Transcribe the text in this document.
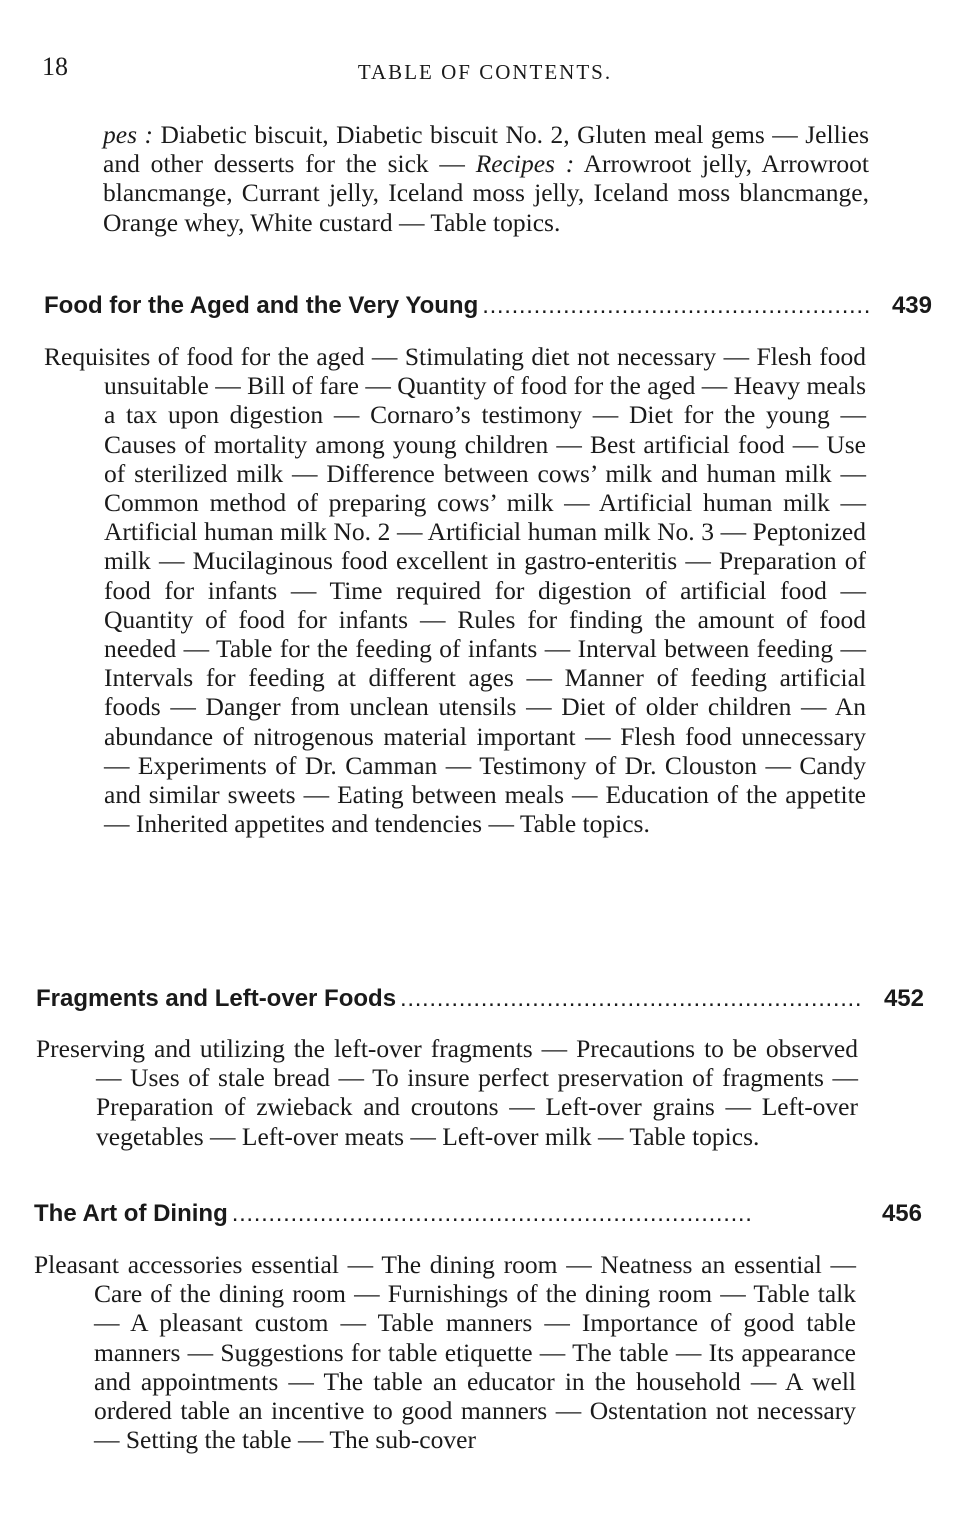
18	TABLE OF CONTENTS.

pes : Diabetic biscuit, Diabetic biscuit No. 2, Gluten meal gems — Jellies and other desserts for the sick — Recipes : Arrowroot jelly, Arrowroot blancmange, Currant jelly, Iceland moss jelly, Iceland moss blancmange, Orange whey, White custard — Table topics.

Food for the Aged and the Very Young . . .	439

Requisites of food for the aged — Stimulating diet not necessary — Flesh food unsuitable — Bill of fare — Quantity of food for the aged — Heavy meals a tax upon digestion — Cornaro’s testimony — Diet for the young — Causes of mortality among young children — Best artificial food — Use of sterilized milk — Difference between cows’ milk and human milk — Common method of preparing cows’ milk — Artificial human milk — Artificial human milk No. 2 — Artificial human milk No. 3 — Peptonized milk — Mucilaginous food excellent in gastro-enteritis — Preparation of food for infants — Time required for digestion of artificial food — Quantity of food for infants — Rules for finding the amount of food needed — Table for the feeding of infants — Interval between feeding — Intervals for feeding at different ages — Manner of feeding artificial foods — Danger from unclean utensils — Diet of older children — An abundance of nitrogenous material important — Flesh food unnecessary — Experiments of Dr. Camman — Testimony of Dr. Clouston — Candy and similar sweets — Eating between meals — Education of the appetite — Inherited appetites and tendencies — Table topics.

Fragments and Left-over Foods . . .	452

Preserving and utilizing the left-over fragments — Precautions to be observed — Uses of stale bread — To insure perfect preservation of fragments — Preparation of zwieback and croutons — Left-over grains — Left-over vegetables — Left-over meats — Left-over milk — Table topics.

The Art of Dining . . .	456

Pleasant accessories essential — The dining room — Neatness an essential — Care of the dining room — Furnishings of the dining room — Table talk — A pleasant custom — Table manners — Importance of good table manners — Suggestions for table etiquette — The table — Its appearance and appointments — The table an educator in the household — A well ordered table an incentive to good manners — Ostentation not necessary — Setting the table — The sub-cover
